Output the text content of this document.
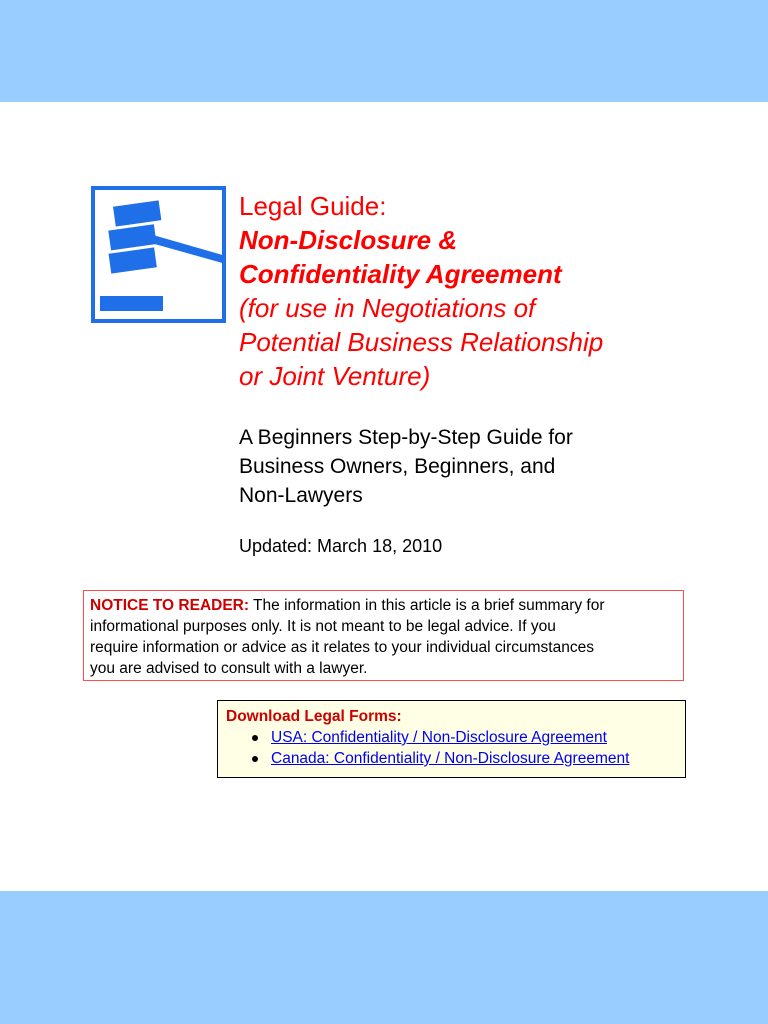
Legal Guide:
Non-Disclosure &
Confidentiality Agreement
(for use in Negotiations of
Potential Business Relationship
or Joint Venture)
A Beginners Step-by-Step Guide for
Business Owners, Beginners, and
Non-Lawyers
Updated: March 18, 2010
NOTICE TO READER: The information in this article is a brief summary for
informational purposes only. It is not meant to be legal advice. If you
require information or advice as it relates to your individual circumstances
you are advised to consult with a lawyer.
Download Legal Forms:
USA: Confidentiality / Non-Disclosure Agreement
Canada: Confidentiality / Non-Disclosure Agreement
